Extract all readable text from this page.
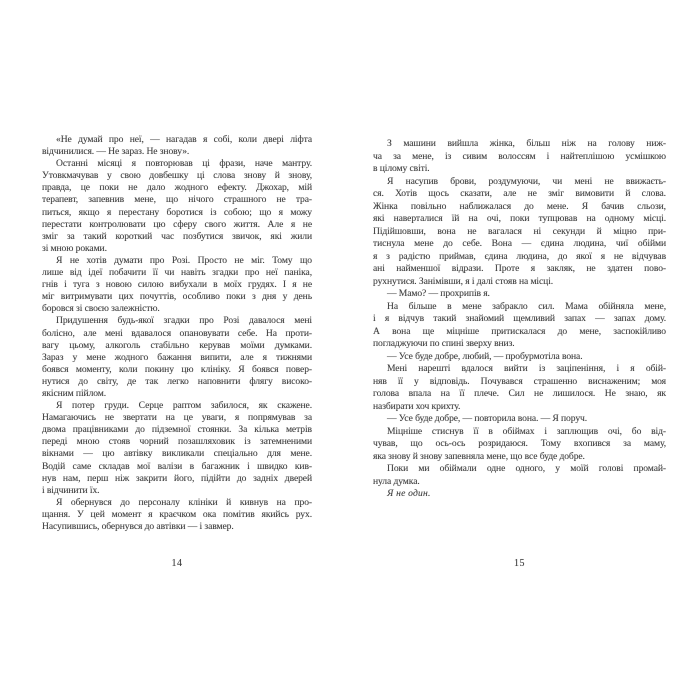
«Не думай про неї, — нагадав я собі, коли двері ліфта
відчинилися. — Не зараз. Не знову».
Останні місяці я повторював ці фрази, наче мантру.
Утовкмачував у свою довбешку ці слова знову й знову,
правда, це поки не дало жодного ефекту. Джохар, мій
терапевт, запевнив мене, що нічого страшного не тра-
питься, якщо я перестану боротися із собою; що я можу
перестати контролювати цю сферу свого життя. Але я не
зміг за такий короткий час позбутися звичок, які жили
зі мною роками.
Я не хотів думати про Розі. Просто не міг. Тому що
лише від ідеї побачити її чи навіть згадки про неї паніка,
гнів і туга з новою силою вибухали в моїх грудях. І я не
міг витримувати цих почуттів, особливо поки з дня у день
боровся зі своєю залежністю.
Придушення будь-якої згадки про Розі давалося мені
болісно, але мені вдавалося опановувати себе. На проти-
вагу цьому, алкоголь стабільно керував моїми думками.
Зараз у мене жодного бажання випити, але я тижнями
боявся моменту, коли покину цю клініку. Я боявся повер-
нутися до світу, де так легко наповнити флягу високо-
якісним пійлом.
Я потер груди. Серце раптом забилося, як скажене.
Намагаючись не звертати на це уваги, я попрямував за
двома працівниками до підземної стоянки. За кілька метрів
переді мною стояв чорний позашляховик із затемненими
вікнами — цю автівку викликали спеціально для мене.
Водій саме складав мої валізи в багажник і швидко кив-
нув нам, перш ніж закрити його, підійти до задніх дверей
і відчинити їх.
Я обернувся до персоналу клініки й кивнув на про-
щання. У цей момент я краєчком ока помітив якийсь рух.
Насупившись, обернувся до автівки — і завмер.
14
З машини вийшла жінка, більш ніж на голову ниж-
ча за мене, із сивим волоссям і найтеплішою усмішкою
в цілому світі.
Я насупив брови, роздумуючи, чи мені не ввижаєть-
ся. Хотів щось сказати, але не зміг вимовити й слова.
Жінка повільно наближалася до мене. Я бачив сльози,
які наверталися їй на очі, поки тупцював на одному місці.
Підійшовши, вона не вагалася ні секунди й міцно при-
тиснула мене до себе. Вона — єдина людина, чиї обійми
я з радістю приймав, єдина людина, до якої я не відчував
ані найменшої відрази. Проте я закляк, не здатен пово-
рухнутися. Занімівши, я і далі стояв на місці.
— Мамо? — прохрипів я.
На більше в мене забракло сил. Мама обійняла мене,
і я відчув такий знайомий щемливий запах — запах дому.
А вона ще міцніше притискалася до мене, заспокійливо
погладжуючи по спині зверху вниз.
— Усе буде добре, любий, — пробурмотіла вона.
Мені нарешті вдалося вийти із заціпеніння, і я обій-
няв її у відповідь. Почувався страшенно виснаженим; моя
голова впала на її плече. Сил не лишилося. Не знаю, як
назбирати хоч крихту.
— Усе буде добре, — повторила вона. — Я поруч.
Міцніше стиснув її в обіймах і заплющив очі, бо від-
чував, що ось-ось розридаюся. Тому вхопився за маму,
яка знову й знову запевняла мене, що все буде добре.
Поки ми обіймали одне одного, у моїй голові промай-
нула думка.
Я не один.
15
